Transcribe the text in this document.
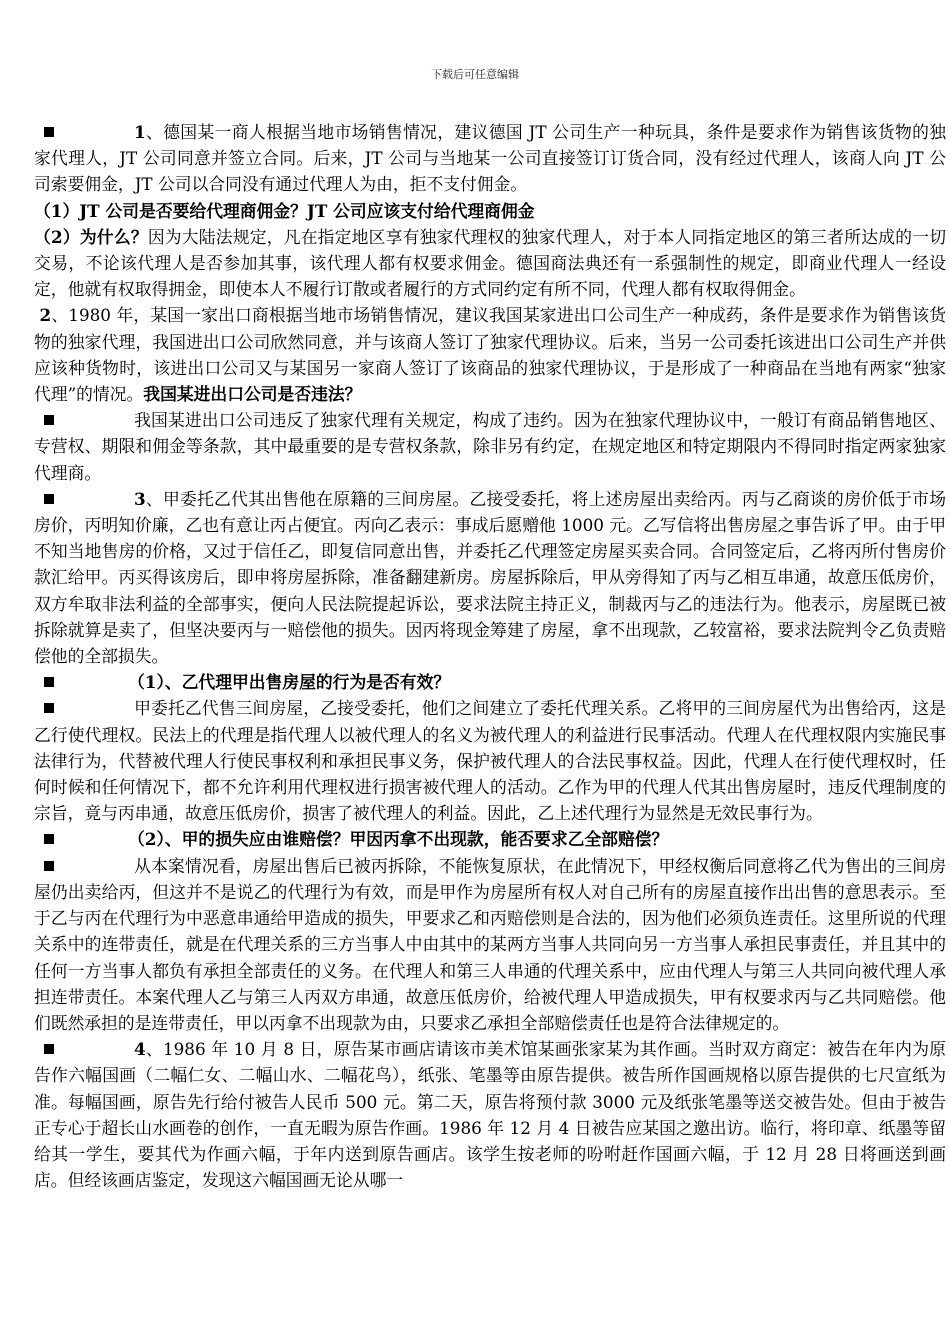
下载后可任意编辑

1、德国某一商人根据当地市场销售情况，建议德国 JT 公司生产一种玩具，条件是要求作为销售该货物的独家代理人，JT 公司同意并签立合同。后来，JT 公司与当地某一公司直接签订订货合同，没有经过代理人，该商人向 JT 公司索要佣金，JT 公司以合同没有通过代理人为由，拒不支付佣金。

（1）JT 公司是否要给代理商佣金？JT 公司应该支付给代理商佣金

（2）为什么？因为大陆法规定，凡在指定地区享有独家代理权的独家代理人，对于本人同指定地区的第三者所达成的一切交易，不论该代理人是否参加其事，该代理人都有权要求佣金。德国商法典还有一系强制性的规定，即商业代理人一经设定，他就有权取得拥金，即使本人不履行订散或者履行的方式同约定有所不同，代理人都有权取得佣金。

2、1980 年，某国一家出口商根据当地市场销售情况，建议我国某家进出口公司生产一种成药，条件是要求作为销售该货物的独家代理，我国进出口公司欣然同意，并与该商人签订了独家代理协议。后来，当另一公司委托该进出口公司生产并供应该种货物时，该进出口公司又与某国另一家商人签订了该商品的独家代理协议，于是形成了一种商品在当地有两家“独家代理”的情况。我国某进出口公司是否违法？

我国某进出口公司违反了独家代理有关规定，构成了违约。因为在独家代理协议中，一般订有商品销售地区、专营权、期限和佣金等条款，其中最重要的是专营权条款，除非另有约定，在规定地区和特定期限内不得同时指定两家独家代理商。

3、甲委托乙代其出售他在原籍的三间房屋。乙接受委托，将上述房屋出卖给丙。丙与乙商谈的房价低于市场房价，丙明知价廉，乙也有意让丙占便宜。丙向乙表示：事成后愿赠他 1000 元。乙写信将出售房屋之事告诉了甲。由于甲不知当地售房的价格，又过于信任乙，即复信同意出售，并委托乙代理签定房屋买卖合同。合同签定后，乙将丙所付售房价款汇给甲。丙买得该房后，即申将房屋拆除，准备翻建新房。房屋拆除后，甲从旁得知了丙与乙相互串通，故意压低房价，双方牟取非法利益的全部事实，便向人民法院提起诉讼，要求法院主持正义，制裁丙与乙的违法行为。他表示，房屋既已被拆除就算是卖了，但坚决要丙与一赔偿他的损失。因丙将现金筹建了房屋，拿不出现款，乙较富裕，要求法院判令乙负责赔偿他的全部损失。

（1）、乙代理甲出售房屋的行为是否有效？

甲委托乙代售三间房屋，乙接受委托，他们之间建立了委托代理关系。乙将甲的三间房屋代为出售给丙，这是乙行使代理权。民法上的代理是指代理人以被代理人的名义为被代理人的利益进行民事活动。代理人在代理权限内实施民事法律行为，代替被代理人行使民事权利和承担民事义务，保护被代理人的合法民事权益。因此，代理人在行使代理权时，任何时候和任何情况下，都不允许利用代理权进行损害被代理人的活动。乙作为甲的代理人代其出售房屋时，违反代理制度的宗旨，竟与丙串通，故意压低房价，损害了被代理人的利益。因此，乙上述代理行为显然是无效民事行为。

（2）、甲的损失应由谁赔偿？甲因丙拿不出现款，能否要求乙全部赔偿？

从本案情况看，房屋出售后已被丙拆除，不能恢复原状，在此情况下，甲经权衡后同意将乙代为售出的三间房屋仍出卖给丙，但这并不是说乙的代理行为有效，而是甲作为房屋所有权人对自己所有的房屋直接作出出售的意思表示。至于乙与丙在代理行为中恶意串通给甲造成的损失，甲要求乙和丙赔偿则是合法的，因为他们必须负连责任。这里所说的代理关系中的连带责任，就是在代理关系的三方当事人中由其中的某两方当事人共同向另一方当事人承担民事责任，并且其中的任何一方当事人都负有承担全部责任的义务。在代理人和第三人串通的代理关系中，应由代理人与第三人共同向被代理人承担连带责任。本案代理人乙与第三人丙双方串通，故意压低房价，给被代理人甲造成损失，甲有权要求丙与乙共同赔偿。他们既然承担的是连带责任，甲以丙拿不出现款为由，只要求乙承担全部赔偿责任也是符合法律规定的。

4、1986 年 10 月 8 日，原告某市画店请该市美术馆某画张家某为其作画。当时双方商定：被告在年内为原告作六幅国画（二幅仁女、二幅山水、二幅花鸟），纸张、笔墨等由原告提供。被告所作国画规格以原告提供的七尺宣纸为准。每幅国画，原告先行给付被告人民币 500 元。第二天，原告将预付款 3000 元及纸张笔墨等送交被告处。但由于被告正专心于超长山水画卷的创作，一直无暇为原告作画。1986 年 12 月 4 日被告应某国之邀出访。临行，将印章、纸墨等留给其一学生，要其代为作画六幅，于年内送到原告画店。该学生按老师的吩咐赶作国画六幅，于 12 月 28 日将画送到画店。但经该画店鉴定，发现这六幅国画无论从哪一
